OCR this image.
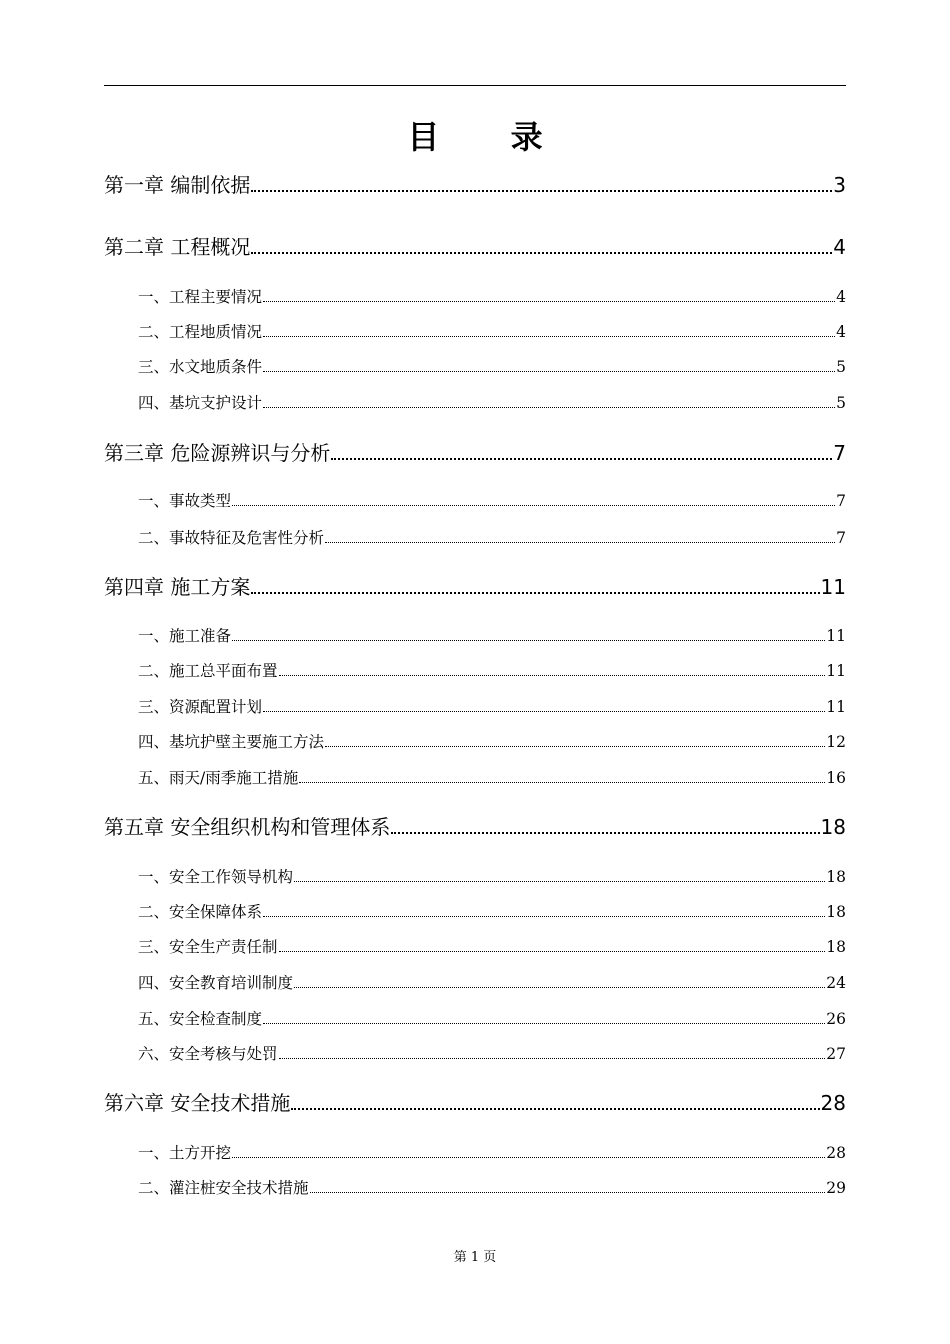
目 录
第一章 编制依据	3
第二章 工程概况	4
一、工程主要情况	4
二、工程地质情况	4
三、水文地质条件	5
四、基坑支护设计	5
第三章 危险源辨识与分析	7
一、事故类型	7
二、事故特征及危害性分析	7
第四章 施工方案	11
一、施工准备	11
二、施工总平面布置	11
三、资源配置计划	11
四、基坑护壁主要施工方法	12
五、雨天/雨季施工措施	16
第五章 安全组织机构和管理体系	18
一、安全工作领导机构	18
二、安全保障体系	18
三、安全生产责任制	18
四、安全教育培训制度	24
五、安全检查制度	26
六、安全考核与处罚	27
第六章 安全技术措施	28
一、土方开挖	28
二、灌注桩安全技术措施	29
第 1 页
